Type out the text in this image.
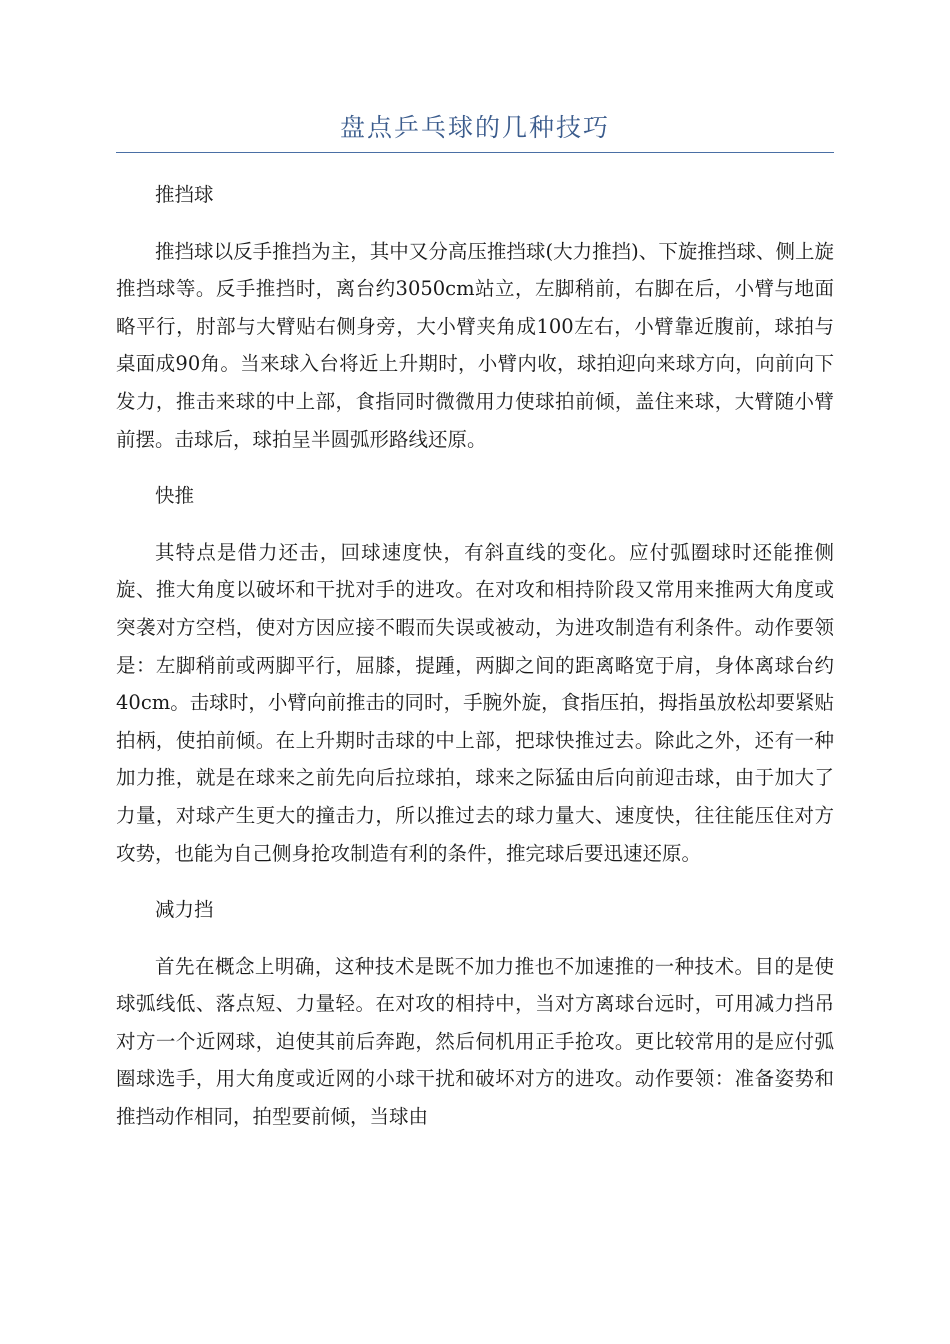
盘点乒乓球的几种技巧

推挡球

推挡球以反手推挡为主，其中又分高压推挡球(大力推挡)、下旋推挡球、侧上旋推挡球等。反手推挡时，离台约3050cm站立，左脚稍前，右脚在后，小臂与地面略平行，肘部与大臂贴右侧身旁，大小臂夹角成100左右，小臂靠近腹前，球拍与桌面成90角。当来球入台将近上升期时，小臂内收，球拍迎向来球方向，向前向下发力，推击来球的中上部，食指同时微微用力使球拍前倾，盖住来球，大臂随小臂前摆。击球后，球拍呈半圆弧形路线还原。

快推

其特点是借力还击，回球速度快，有斜直线的变化。应付弧圈球时还能推侧旋、推大角度以破坏和干扰对手的进攻。在对攻和相持阶段又常用来推两大角度或突袭对方空档，使对方因应接不暇而失误或被动，为进攻制造有利条件。动作要领是：左脚稍前或两脚平行，屈膝，提踵，两脚之间的距离略宽于肩，身体离球台约40cm。击球时，小臂向前推击的同时，手腕外旋，食指压拍，拇指虽放松却要紧贴拍柄，使拍前倾。在上升期时击球的中上部，把球快推过去。除此之外，还有一种加力推，就是在球来之前先向后拉球拍，球来之际猛由后向前迎击球，由于加大了力量，对球产生更大的撞击力，所以推过去的球力量大、速度快，往往能压住对方攻势，也能为自己侧身抢攻制造有利的条件，推完球后要迅速还原。

减力挡

首先在概念上明确，这种技术是既不加力推也不加速推的一种技术。目的是使球弧线低、落点短、力量轻。在对攻的相持中，当对方离球台远时，可用减力挡吊对方一个近网球，迫使其前后奔跑，然后伺机用正手抢攻。更比较常用的是应付弧圈球选手，用大角度或近网的小球干扰和破坏对方的进攻。动作要领：准备姿势和推挡动作相同，拍型要前倾，当球由
